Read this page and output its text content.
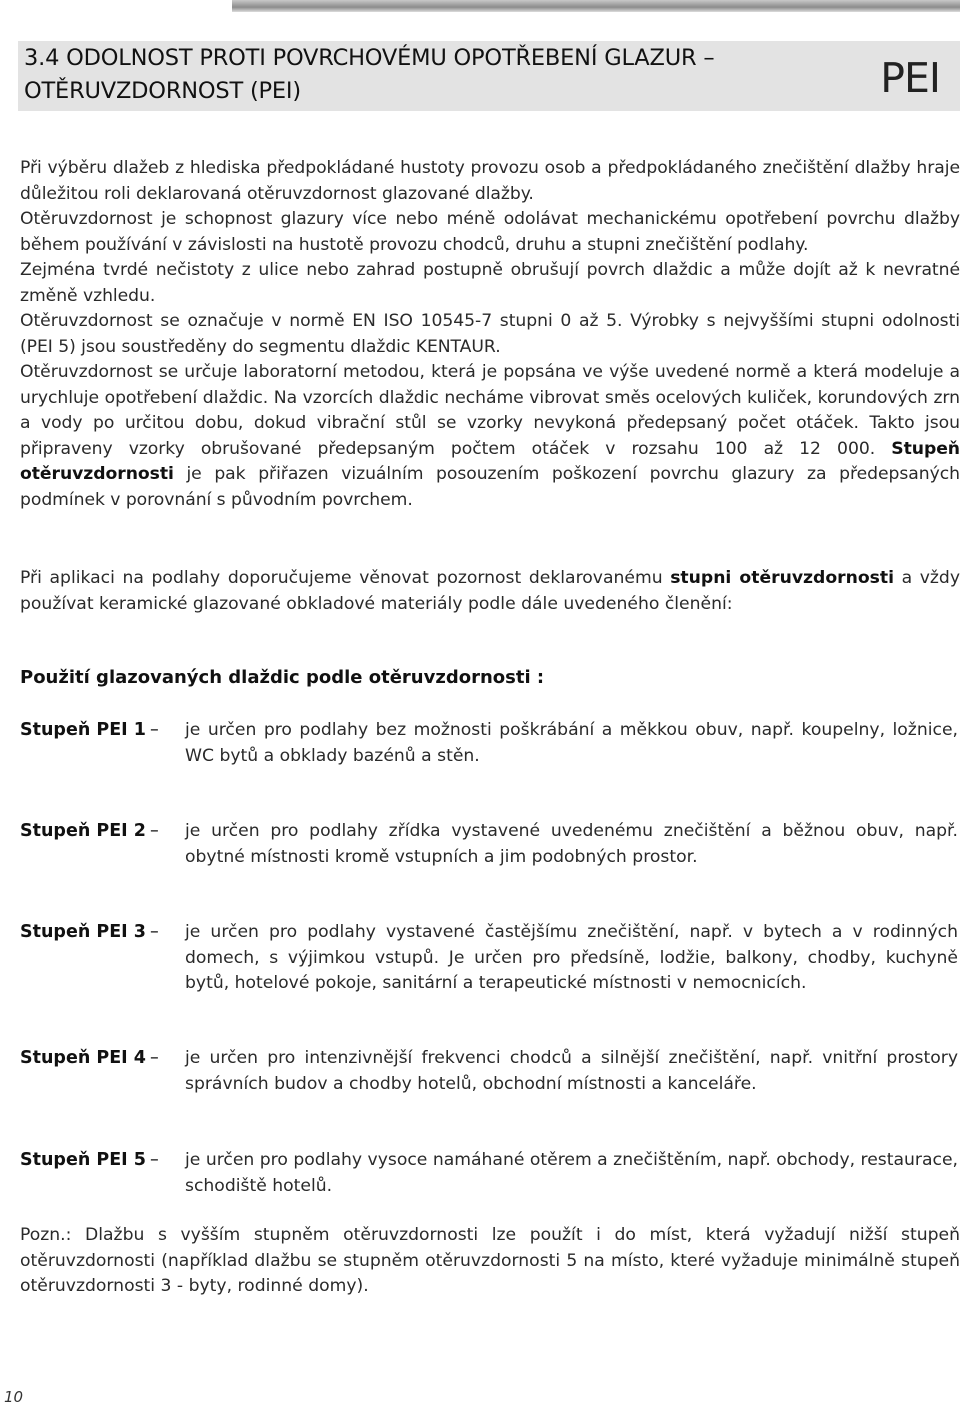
3.4 ODOLNOST PROTI POVRCHOVÉMU OPOTŘEBENÍ GLAZUR –
OTĚRUVZDORNOST (PEI)	PEI

Při výběru dlažeb z hlediska předpokládané hustoty provozu osob a předpokládaného znečištění dlažby hraje důležitou roli deklarovaná otěruvzdornost glazované dlažby.

Otěruvzdornost je schopnost glazury více nebo méně odolávat mechanickému opotřebení povrchu dlažby během používání v závislosti na hustotě provozu chodců, druhu a stupni znečištění podlahy.

Zejména tvrdé nečistoty z ulice nebo zahrad postupně obrušují povrch dlaždic a může dojít až k nevratné změně vzhledu.

Otěruvzdornost se označuje v normě EN ISO 10545-7 stupni 0 až 5. Výrobky s nejvyššími stupni odolnosti (PEI 5) jsou soustředěny do segmentu dlaždic KENTAUR.

Otěruvzdornost se určuje laboratorní metodou, která je popsána ve výše uvedené normě a která modeluje a urychluje opotřebení dlaždic. Na vzorcích dlaždic necháme vibrovat směs ocelových kuliček, korundových zrn a vody po určitou dobu, dokud vibrační stůl se vzorky nevykoná předepsaný počet otáček. Takto jsou připraveny vzorky obrušované předepsaným počtem otáček v rozsahu 100 až 12 000. Stupeň otěruvzdornosti je pak přiřazen vizuálním posouzením poškození povrchu glazury za předepsaných podmínek v porovnání s původním povrchem.

Při aplikaci na podlahy doporučujeme věnovat pozornost deklarovanému stupni otěruvzdornosti a vždy používat keramické glazované obkladové materiály podle dále uvedeného členění:

Použití glazovaných dlaždic podle otěruvzdornosti :
Stupeň PEI 1 –	je určen pro podlahy bez možnosti poškrábání a měkkou obuv, např. koupelny, ložnice, WC bytů a obklady bazénů a stěn.
Stupeň PEI 2 –	je určen pro podlahy zřídka vystavené uvedenému znečištění a běžnou obuv, např. obytné místnosti kromě vstupních a jim podobných prostor.
Stupeň PEI 3 –	je určen pro podlahy vystavené častějšímu znečištění, např. v bytech a v rodinných domech, s výjimkou vstupů. Je určen pro předsíně, lodžie, balkony, chodby, kuchyně bytů, hotelové pokoje, sanitární a terapeutické místnosti v nemocnicích.
Stupeň PEI 4 –	je určen pro intenzivnější frekvenci chodců a silnější znečištění, např. vnitřní prostory správních budov a chodby hotelů, obchodní místnosti a kanceláře.
Stupeň PEI 5 –	je určen pro podlahy vysoce namáhané otěrem a znečištěním, např. obchody, restaurace, schodiště hotelů.
Pozn.: Dlažbu s vyšším stupněm otěruvzdornosti lze použít i do míst, která vyžadují nižší stupeň otěruvzdornosti (například dlažbu se stupněm otěruvzdornosti 5 na místo, které vyžaduje minimálně stupeň otěruvzdornosti 3 - byty, rodinné domy).
10
